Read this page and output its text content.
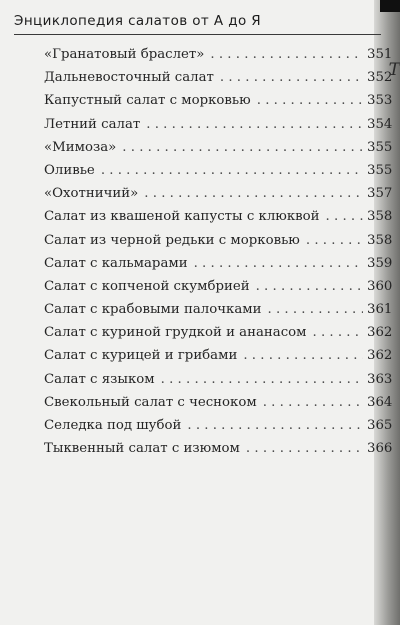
Т
Энциклопедия салатов от А до Я
«Гранатовый браслет» . . .	351
Дальневосточный салат . . .	352
Капустный салат с морковью . . .	353
Летний салат . . .	354
«Мимоза» . . .	355
Оливье . . .	355
«Охотничий» . . .	357
Салат из квашеной капусты с клюквой . . .	358
Салат из черной редьки с морковью . . .	358
Салат с кальмарами . . .	359
Салат с копченой скумбрией . . .	360
Салат с крабовыми палочками . . .	361
Салат с куриной грудкой и ананасом . . .	362
Салат с курицей и грибами . . .	362
Салат с языком . . .	363
Свекольный салат с чесноком . . .	364
Селедка под шубой . . .	365
Тыквенный салат с изюмом . . .	366
